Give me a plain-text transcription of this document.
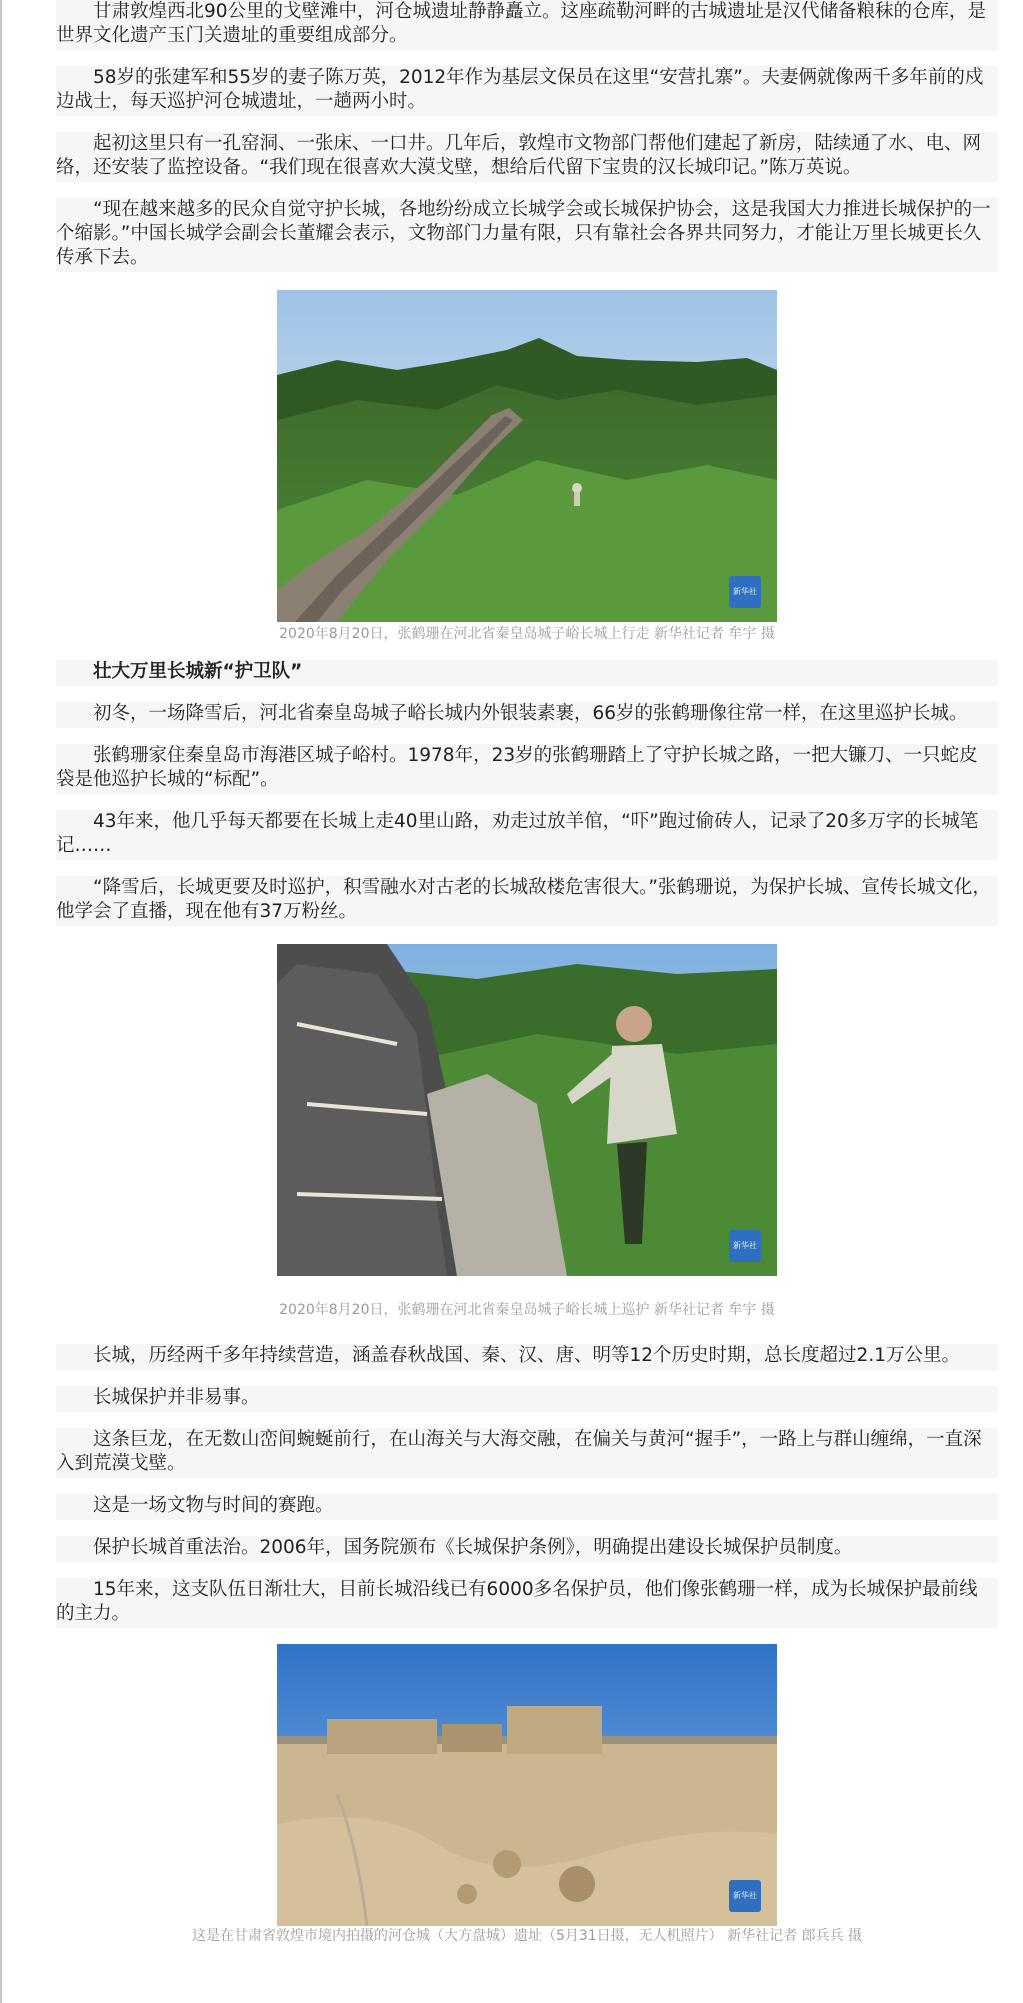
甘肃敦煌西北90公里的戈壁滩中，河仓城遗址静静矗立。这座疏勒河畔的古城遗址是汉代储备粮秣的仓库，是世界文化遗产玉门关遗址的重要组成部分。

58岁的张建军和55岁的妻子陈万英，2012年作为基层文保员在这里“安营扎寨”。夫妻俩就像两千多年前的戍边战士，每天巡护河仓城遗址，一趟两小时。

起初这里只有一孔窑洞、一张床、一口井。几年后，敦煌市文物部门帮他们建起了新房，陆续通了水、电、网络，还安装了监控设备。“我们现在很喜欢大漠戈壁，想给后代留下宝贵的汉长城印记。”陈万英说。

“现在越来越多的民众自觉守护长城，各地纷纷成立长城学会或长城保护协会，这是我国大力推进长城保护的一个缩影。”中国长城学会副会长董耀会表示，文物部门力量有限，只有靠社会各界共同努力，才能让万里长城更长久传承下去。

新华社

2020年8月20日，张鹤珊在河北省秦皇岛城子峪长城上行走 新华社记者 牟宇 摄

壮大万里长城新“护卫队”

初冬，一场降雪后，河北省秦皇岛城子峪长城内外银装素裹，66岁的张鹤珊像往常一样，在这里巡护长城。

张鹤珊家住秦皇岛市海港区城子峪村。1978年，23岁的张鹤珊踏上了守护长城之路，一把大镰刀、一只蛇皮袋是他巡护长城的“标配”。

43年来，他几乎每天都要在长城上走40里山路，劝走过放羊倌，“吓”跑过偷砖人，记录了20多万字的长城笔记……

“降雪后，长城更要及时巡护，积雪融水对古老的长城敌楼危害很大。”张鹤珊说，为保护长城、宣传长城文化，他学会了直播，现在他有37万粉丝。

新华社

2020年8月20日，张鹤珊在河北省秦皇岛城子峪长城上巡护 新华社记者 牟宇 摄

长城，历经两千多年持续营造，涵盖春秋战国、秦、汉、唐、明等12个历史时期，总长度超过2.1万公里。

长城保护并非易事。

这条巨龙，在无数山峦间蜿蜒前行，在山海关与大海交融，在偏关与黄河“握手”，一路上与群山缠绵，一直深入到荒漠戈壁。

这是一场文物与时间的赛跑。

保护长城首重法治。2006年，国务院颁布《长城保护条例》，明确提出建设长城保护员制度。

15年来，这支队伍日渐壮大，目前长城沿线已有6000多名保护员，他们像张鹤珊一样，成为长城保护最前线的主力。

新华社

这是在甘肃省敦煌市境内拍摄的河仓城（大方盘城）遗址（5月31日摄，无人机照片） 新华社记者 郎兵兵 摄
